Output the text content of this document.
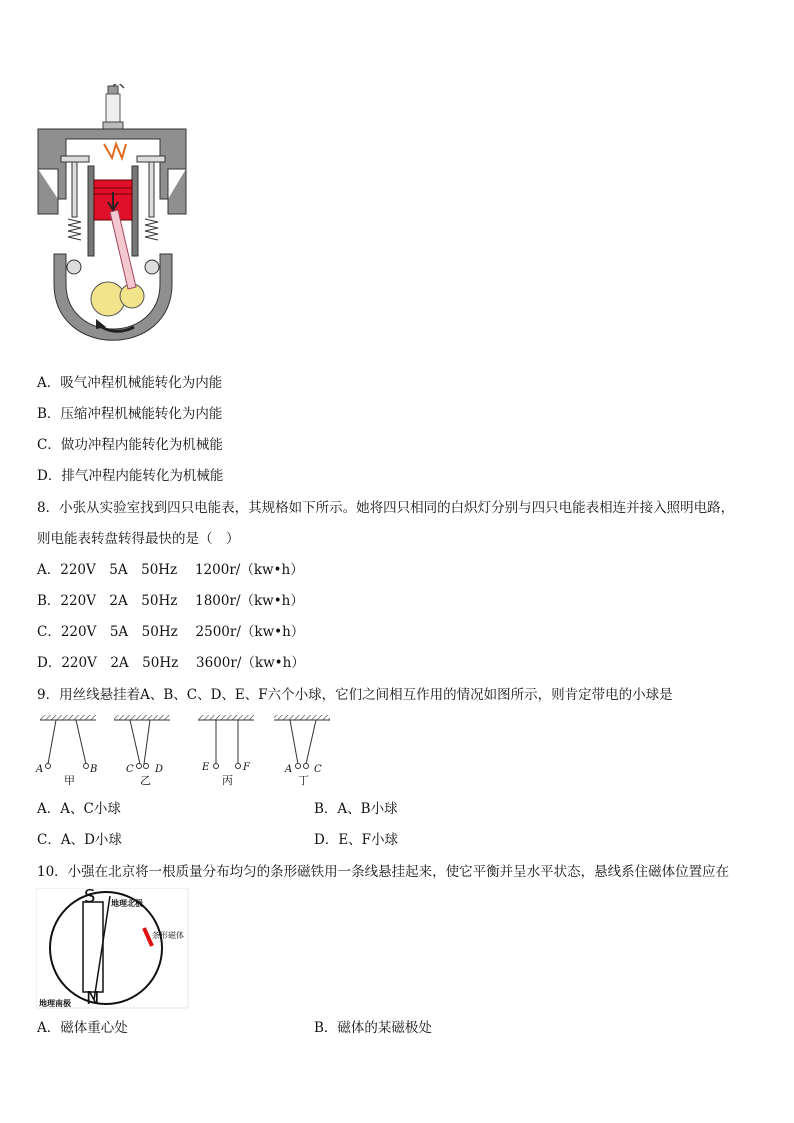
A．吸气冲程机械能转化为内能
B．压缩冲程机械能转化为内能
C．做功冲程内能转化为机械能
D．排气冲程内能转化为机械能
8．小张从实验室找到四只电能表，其规格如下所示。她将四只相同的白炽灯分别与四只电能表相连并接入照明电路，
则电能表转盘转得最快的是（　）
A．220V　5A　50Hz　 1200r/（kw•h）
B．220V　2A　50Hz　 1800r/（kw•h）
C．220V　5A　50Hz　 2500r/（kw•h）
D．220V　2A　50Hz　 3600r/（kw•h）
9．用丝线悬挂着A、B、C、D、E、F六个小球，它们之间相互作用的情况如图所示，则肯定带电的小球是
A	B
甲
C D
乙
E	F
丙
A C
丁
A．A、C小球	B．A、B小球
C．A、D小球	D．E、F小球
10．小强在北京将一根质量分布均匀的条形磁铁用一条线悬挂起来，使它平衡并呈水平状态，悬线系住磁体位置应在
S
N
地理北极
地理南极
条形磁体
A．磁体重心处	B．磁体的某磁极处
